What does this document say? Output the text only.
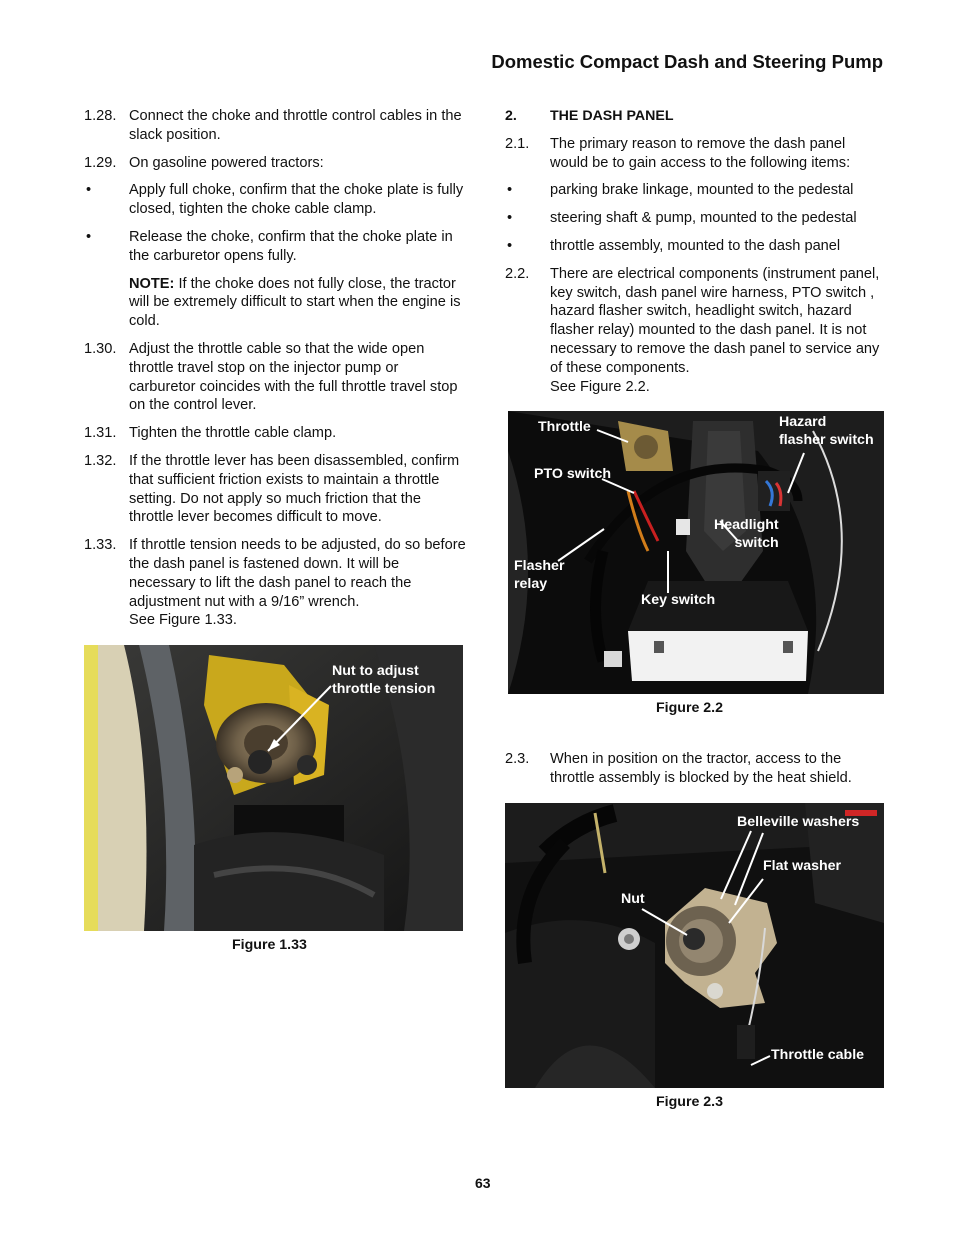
Domestic Compact Dash and Steering Pump
1.28. Connect the choke and throttle control cables in the slack position.
1.29. On gasoline powered tractors:
•	Apply full choke, confirm that the choke plate is fully closed, tighten the choke cable clamp.
•	Release the choke, confirm that the choke plate in the carburetor opens fully.
NOTE: If the choke does not fully close, the tractor will be extremely difficult to start when the engine is cold.
1.30. Adjust the throttle cable so that the wide open throttle travel stop on the injector pump or carburetor coincides with the full throttle travel stop on the control lever.
1.31. Tighten the throttle cable clamp.
1.32. If the throttle lever has been disassembled, confirm that sufficient friction exists to maintain a throttle setting. Do not apply so much friction that the throttle lever becomes difficult to move.
1.33. If throttle tension needs to be adjusted, do so before the dash panel is fastened down. It will be necessary to lift the dash panel to reach the adjustment nut with a 9/16” wrench.
See Figure 1.33.
Nut to adjust
throttle tension
Figure 1.33
2. THE DASH PANEL
2.1. The primary reason to remove the dash panel would be to gain access to the following items:
•	parking brake linkage, mounted to the pedestal
•	steering shaft & pump, mounted to the pedestal
•	throttle assembly, mounted to the dash panel
2.2. There are electrical components (instrument panel, key switch, dash panel wire harness, PTO switch , hazard flasher switch, headlight switch, hazard flasher relay) mounted to the dash panel. It is not necessary to remove the dash panel to service any of these components.
See Figure 2.2.
Throttle	Hazard
flasher switch
PTO switch
Headlight
switch
Flasher
relay
Key switch
Figure 2.2
2.3. When in position on the tractor, access to the throttle assembly is blocked by the heat shield.
Belleville washers
Flat washer
Nut
Throttle cable
Figure 2.3
63
